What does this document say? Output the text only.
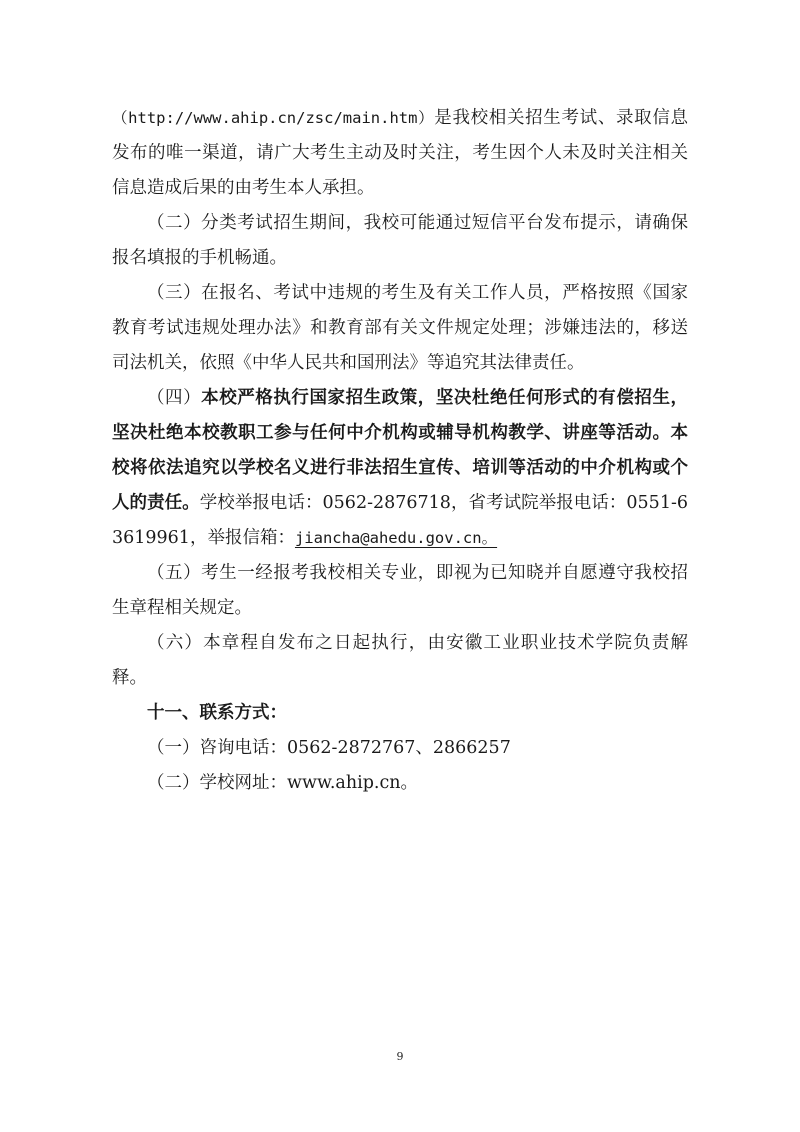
（http://www.ahip.cn/zsc/main.htm）是我校相关招生考试、录取信息发布的唯一渠道，请广大考生主动及时关注，考生因个人未及时关注相关信息造成后果的由考生本人承担。

（二）分类考试招生期间，我校可能通过短信平台发布提示，请确保报名填报的手机畅通。

（三）在报名、考试中违规的考生及有关工作人员，严格按照《国家教育考试违规处理办法》和教育部有关文件规定处理；涉嫌违法的，移送司法机关，依照《中华人民共和国刑法》等追究其法律责任。

（四）本校严格执行国家招生政策，坚决杜绝任何形式的有偿招生，坚决杜绝本校教职工参与任何中介机构或辅导机构教学、讲座等活动。本校将依法追究以学校名义进行非法招生宣传、培训等活动的中介机构或个人的责任。学校举报电话：0562-2876718，省考试院举报电话：0551-63619961，举报信箱：jiancha@ahedu.gov.cn。

（五）考生一经报考我校相关专业，即视为已知晓并自愿遵守我校招生章程相关规定。

（六）本章程自发布之日起执行，由安徽工业职业技术学院负责解释。

十一、联系方式：

（一）咨询电话：0562-2872767、2866257

（二）学校网址：www.ahip.cn。

9
